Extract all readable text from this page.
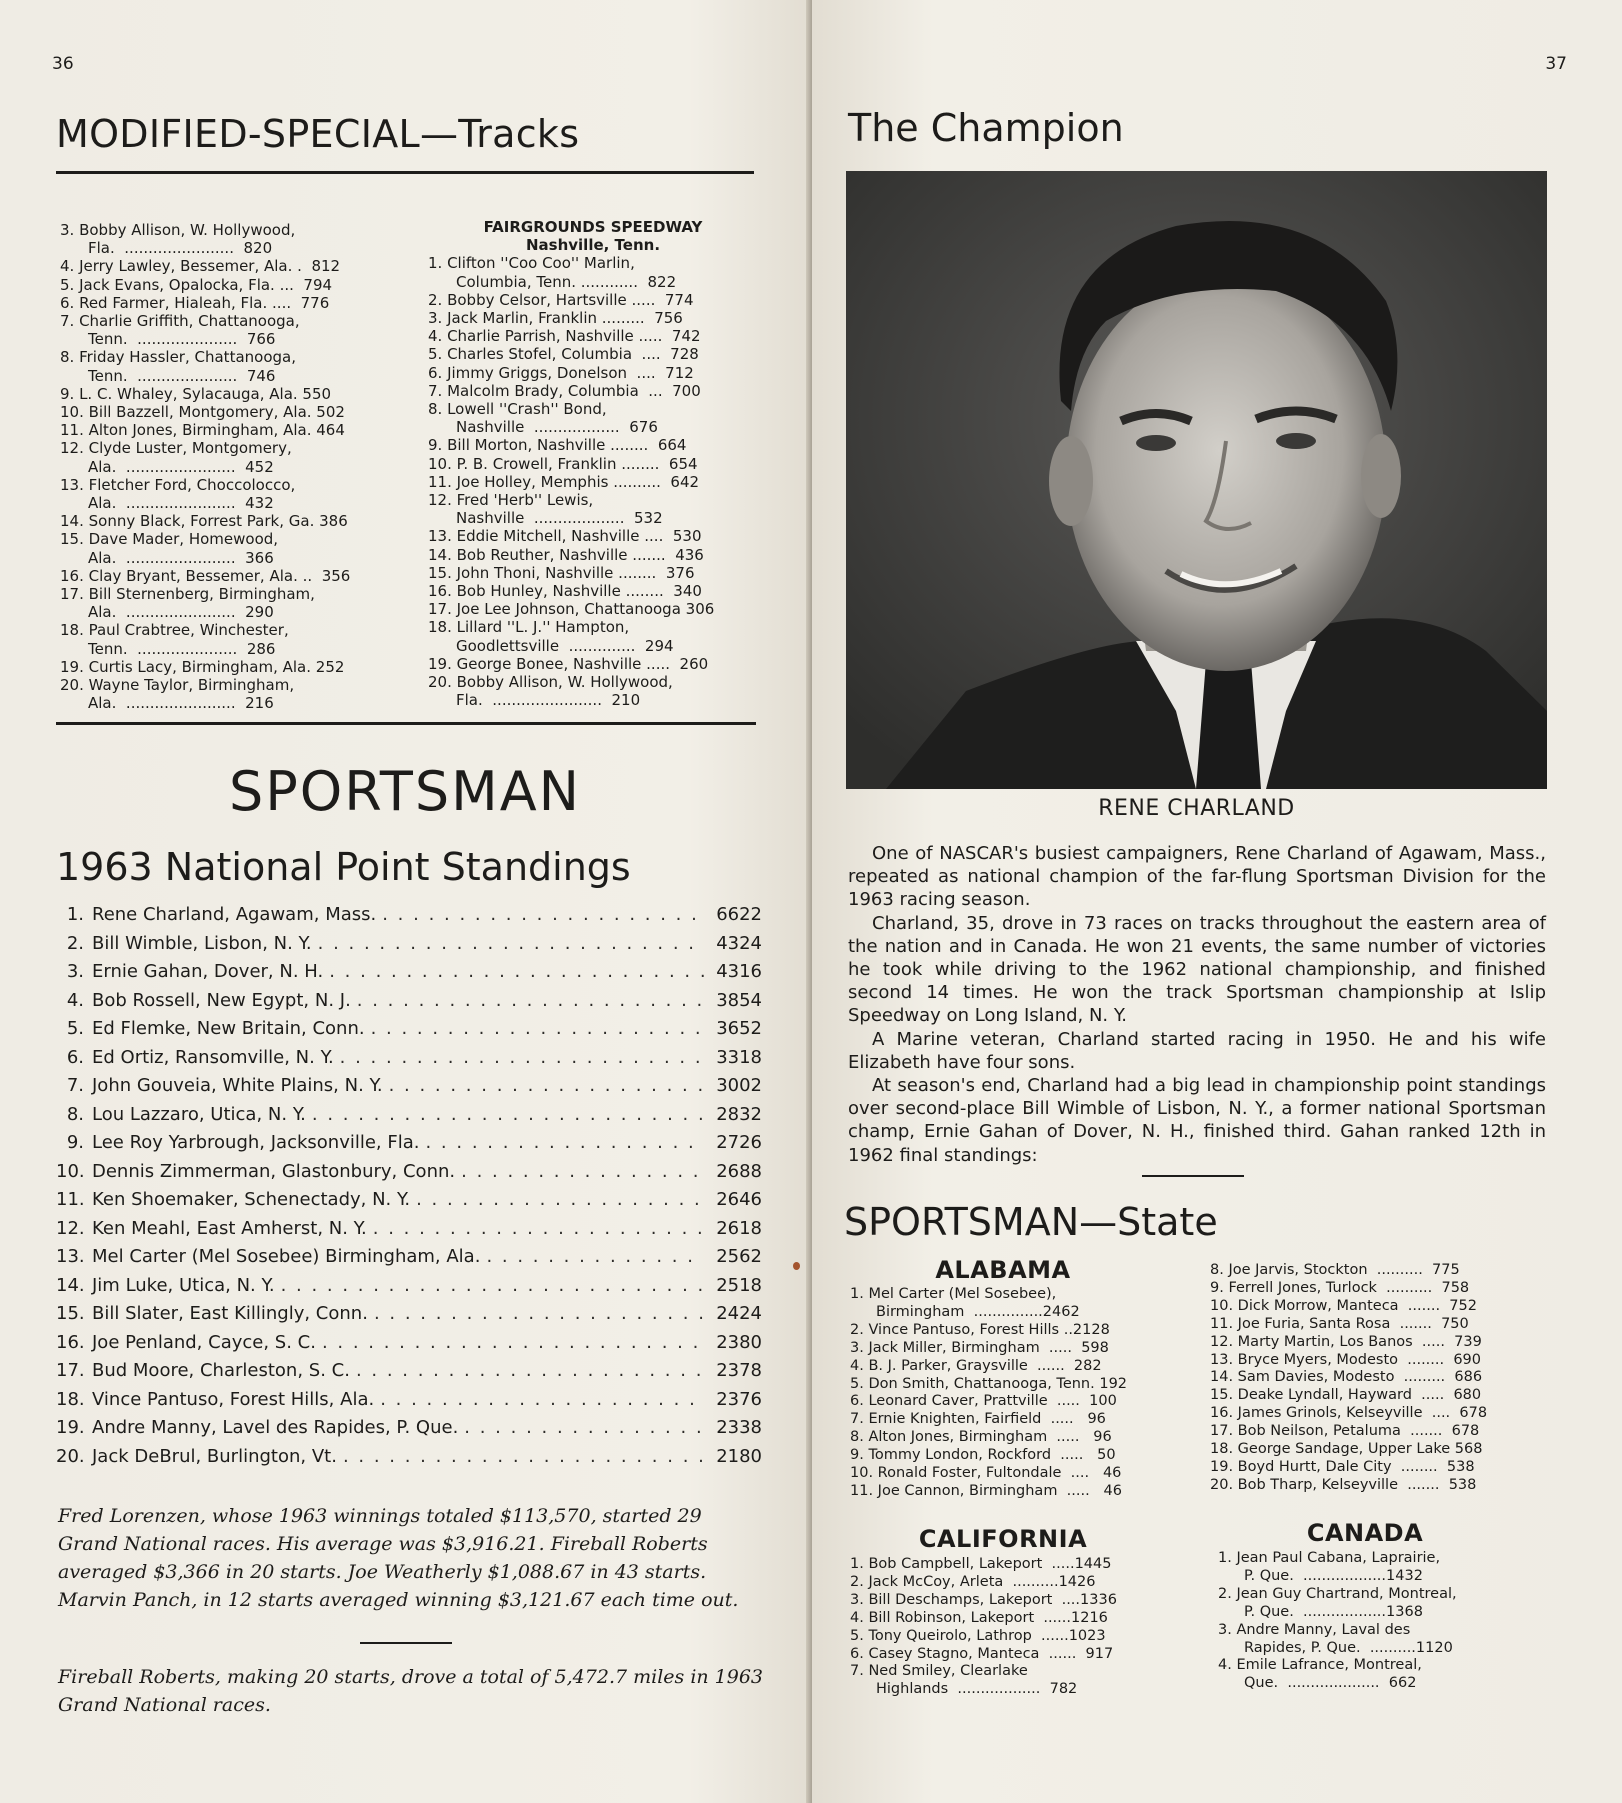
36
MODIFIED-SPECIAL—Tracks
3. Bobby Allison, W. Hollywood,
Fla.  .......................  820
4. Jerry Lawley, Bessemer, Ala. .  812
5. Jack Evans, Opalocka, Fla. ...  794
6. Red Farmer, Hialeah, Fla. ....  776
7. Charlie Griffith, Chattanooga,
Tenn.  .....................  766
8. Friday Hassler, Chattanooga,
Tenn.  .....................  746
9. L. C. Whaley, Sylacauga, Ala. 550
10. Bill Bazzell, Montgomery, Ala. 502
11. Alton Jones, Birmingham, Ala. 464
12. Clyde Luster, Montgomery,
Ala.  .......................  452
13. Fletcher Ford, Choccolocco,
Ala.  .......................  432
14. Sonny Black, Forrest Park, Ga. 386
15. Dave Mader, Homewood,
Ala.  .......................  366
16. Clay Bryant, Bessemer, Ala. ..  356
17. Bill Sternenberg, Birmingham,
Ala.  .......................  290
18. Paul Crabtree, Winchester,
Tenn.  .....................  286
19. Curtis Lacy, Birmingham, Ala. 252
20. Wayne Taylor, Birmingham,
Ala.  .......................  216
FAIRGROUNDS SPEEDWAY
Nashville, Tenn.
1. Clifton ''Coo Coo'' Marlin,
Columbia, Tenn. ............  822
2. Bobby Celsor, Hartsville .....  774
3. Jack Marlin, Franklin .........  756
4. Charlie Parrish, Nashville .....  742
5. Charles Stofel, Columbia  ....  728
6. Jimmy Griggs, Donelson  ....  712
7. Malcolm Brady, Columbia  ...  700
8. Lowell ''Crash'' Bond,
Nashville  ..................  676
9. Bill Morton, Nashville ........  664
10. P. B. Crowell, Franklin ........  654
11. Joe Holley, Memphis ..........  642
12. Fred 'Herb'' Lewis,
Nashville  ...................  532
13. Eddie Mitchell, Nashville ....  530
14. Bob Reuther, Nashville .......  436
15. John Thoni, Nashville ........  376
16. Bob Hunley, Nashville ........  340
17. Joe Lee Johnson, Chattanooga 306
18. Lillard ''L. J.'' Hampton,
Goodlettsville  ..............  294
19. George Bonee, Nashville .....  260
20. Bobby Allison, W. Hollywood,
Fla.  .......................  210
SPORTSMAN
1963 National Point Standings
1. Rene Charland, Agawam, Mass. . . .	6622
2. Bill Wimble, Lisbon, N. Y. . . .	4324
3. Ernie Gahan, Dover, N. H. . . .	4316
4. Bob Rossell, New Egypt, N. J. . . .	3854
5. Ed Flemke, New Britain, Conn. . . .	3652
6. Ed Ortiz, Ransomville, N. Y. . . .	3318
7. John Gouveia, White Plains, N. Y. . . .	3002
8. Lou Lazzaro, Utica, N. Y. . . .	2832
9. Lee Roy Yarbrough, Jacksonville, Fla. . . .	2726
10. Dennis Zimmerman, Glastonbury, Conn. . . .	2688
11. Ken Shoemaker, Schenectady, N. Y. . . .	2646
12. Ken Meahl, East Amherst, N. Y. . . .	2618
13. Mel Carter (Mel Sosebee) Birmingham, Ala. . . .	2562
14. Jim Luke, Utica, N. Y. . . .	2518
15. Bill Slater, East Killingly, Conn. . . .	2424
16. Joe Penland, Cayce, S. C. . . .	2380
17. Bud Moore, Charleston, S. C. . . .	2378
18. Vince Pantuso, Forest Hills, Ala. . . .	2376
19. Andre Manny, Lavel des Rapides, P. Que. . . .	2338
20. Jack DeBrul, Burlington, Vt. . . .	2180
Fred Lorenzen, whose 1963 winnings totaled $113,570, started 29 Grand National races. His average was $3,916.21. Fireball Roberts averaged $3,366 in 20 starts. Joe Weatherly $1,088.67 in 43 starts. Marvin Panch, in 12 starts averaged winning $3,121.67 each time out.
Fireball Roberts, making 20 starts, drove a total of 5,472.7 miles in 1963 Grand National races.
37
The Champion
RENE CHARLAND

One of NASCAR's busiest campaigners, Rene Charland of Agawam, Mass., repeated as national champion of the far-flung Sportsman Division for the 1963 racing season.

Charland, 35, drove in 73 races on tracks throughout the eastern area of the nation and in Canada. He won 21 events, the same number of victories he took while driving to the 1962 national championship, and finished second 14 times. He won the track Sportsman championship at Islip Speedway on Long Island, N. Y.

A Marine veteran, Charland started racing in 1950. He and his wife Elizabeth have four sons.

At season's end, Charland had a big lead in championship point standings over second-place Bill Wimble of Lisbon, N. Y., a former national Sportsman champ, Ernie Gahan of Dover, N. H., finished third. Gahan ranked 12th in 1962 final standings:

SPORTSMAN—State
ALABAMA
1. Mel Carter (Mel Sosebee),
Birmingham  ...............2462
2. Vince Pantuso, Forest Hills ..2128
3. Jack Miller, Birmingham  .....  598
4. B. J. Parker, Graysville  ......  282
5. Don Smith, Chattanooga, Tenn. 192
6. Leonard Caver, Prattville  .....  100
7. Ernie Knighten, Fairfield  .....   96
8. Alton Jones, Birmingham  .....   96
9. Tommy London, Rockford  .....   50
10. Ronald Foster, Fultondale  ....   46
11. Joe Cannon, Birmingham  .....   46
8. Joe Jarvis, Stockton  ..........  775
9. Ferrell Jones, Turlock  ..........  758
10. Dick Morrow, Manteca  .......  752
11. Joe Furia, Santa Rosa  .......  750
12. Marty Martin, Los Banos  .....  739
13. Bryce Myers, Modesto  ........  690
14. Sam Davies, Modesto  .........  686
15. Deake Lyndall, Hayward  .....  680
16. James Grinols, Kelseyville  ....  678
17. Bob Neilson, Petaluma  .......  678
18. George Sandage, Upper Lake 568
19. Boyd Hurtt, Dale City  ........  538
20. Bob Tharp, Kelseyville  .......  538
CALIFORNIA
1. Bob Campbell, Lakeport  .....1445
2. Jack McCoy, Arleta  ..........1426
3. Bill Deschamps, Lakeport  ....1336
4. Bill Robinson, Lakeport  ......1216
5. Tony Queirolo, Lathrop  ......1023
6. Casey Stagno, Manteca  ......  917
7. Ned Smiley, Clearlake
Highlands  ..................  782
CANADA
1. Jean Paul Cabana, Laprairie,
P. Que.  ..................1432
2. Jean Guy Chartrand, Montreal,
P. Que.  ..................1368
3. Andre Manny, Laval des
Rapides, P. Que.  ..........1120
4. Emile Lafrance, Montreal,
Que.  ....................  662
